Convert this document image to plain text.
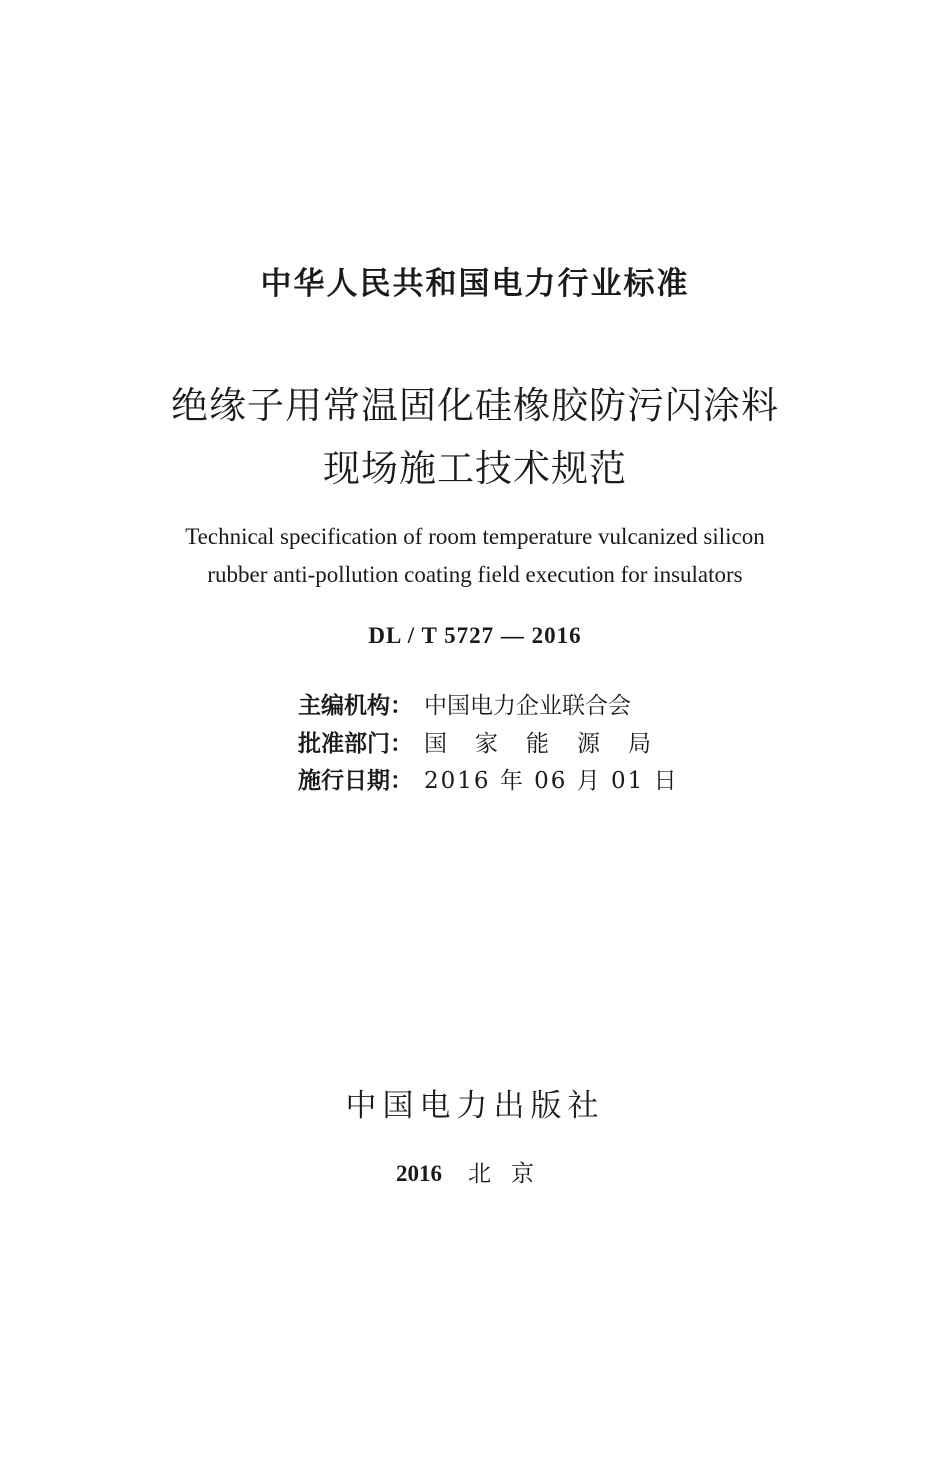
中华人民共和国电力行业标准
绝缘子用常温固化硅橡胶防污闪涂料
现场施工技术规范
Technical specification of room temperature vulcanized silicon
rubber anti-pollution coating field execution for insulators
DL / T 5727 — 2016
主编机构： 中国电力企业联合会
批准部门： 国家能源局
施行日期： 2016 年 06 月 01 日
中国电力出版社
2016 北京
